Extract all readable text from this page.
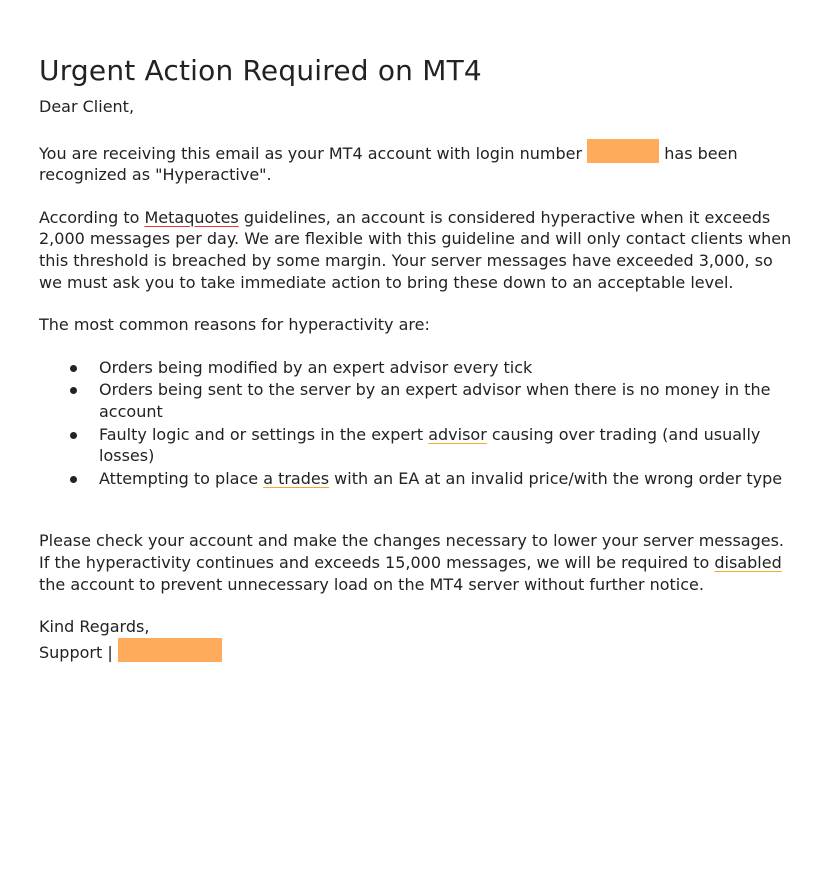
Urgent Action Required on MT4

Dear Client,

You are receiving this email as your MT4 account with login number	has been recognized as "Hyperactive".

According to Metaquotes guidelines, an account is considered hyperactive when it exceeds 2,000 messages per day. We are flexible with this guideline and will only contact clients when this threshold is breached by some margin. Your server messages have exceeded 3,000, so we must ask you to take immediate action to bring these down to an acceptable level.

The most common reasons for hyperactivity are:

Orders being modified by an expert advisor every tick
Orders being sent to the server by an expert advisor when there is no money in the account
Faulty logic and or settings in the expert advisor causing over trading (and usually losses)
Attempting to place a trades with an EA at an invalid price/with the wrong order type

Please check your account and make the changes necessary to lower your server messages. If the hyperactivity continues and exceeds 15,000 messages, we will be required to disabled the account to prevent unnecessary load on the MT4 server without further notice.

Kind Regards,

Support |
